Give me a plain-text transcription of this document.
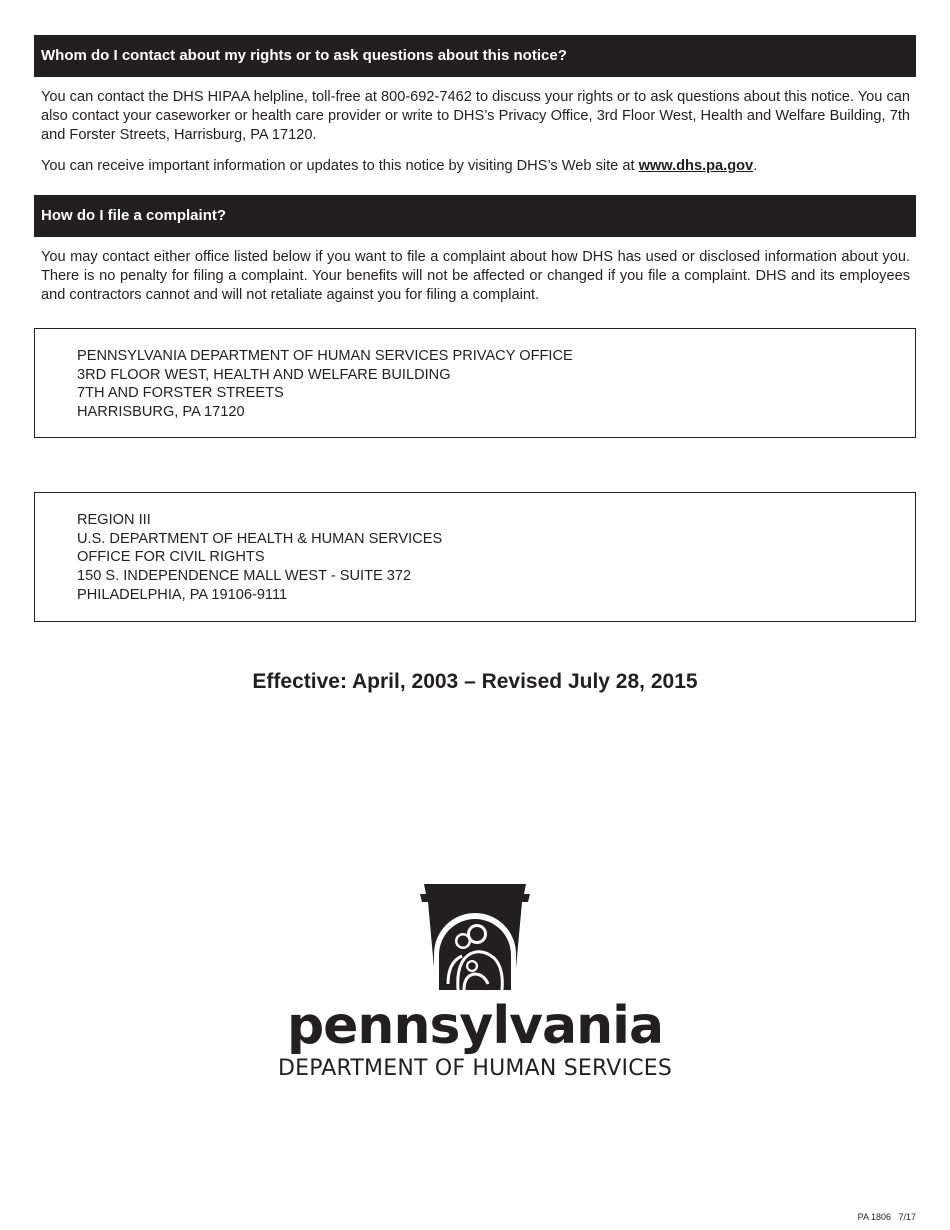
Whom do I contact about my rights or to ask questions about this notice?

You can contact the DHS HIPAA helpline, toll-free at 800-692-7462 to discuss your rights or to ask questions about this notice. You can also contact your caseworker or health care provider or write to DHS’s Privacy Office, 3rd Floor West, Health and Welfare Building, 7th and Forster Streets, Harrisburg, PA 17120.

You can receive important information or updates to this notice by visiting DHS’s Web site at www.dhs.pa.gov.

How do I file a complaint?

You may contact either office listed below if you want to file a complaint about how DHS has used or disclosed information about you. There is no penalty for filing a complaint. Your benefits will not be affected or changed if you file a complaint. DHS and its employees and contractors cannot and will not retaliate against you for filing a complaint.

PENNSYLVANIA DEPARTMENT OF HUMAN SERVICES PRIVACY OFFICE
3RD FLOOR WEST, HEALTH AND WELFARE BUILDING
7TH AND FORSTER STREETS
HARRISBURG, PA 17120
REGION III
U.S. DEPARTMENT OF HEALTH & HUMAN SERVICES
OFFICE FOR CIVIL RIGHTS
150 S. INDEPENDENCE MALL WEST - SUITE 372
PHILADELPHIA, PA 19106-9111
Effective: April, 2003 – Revised July 28, 2015
pennsylvania
DEPARTMENT OF HUMAN SERVICES
PA 1806   7/17
